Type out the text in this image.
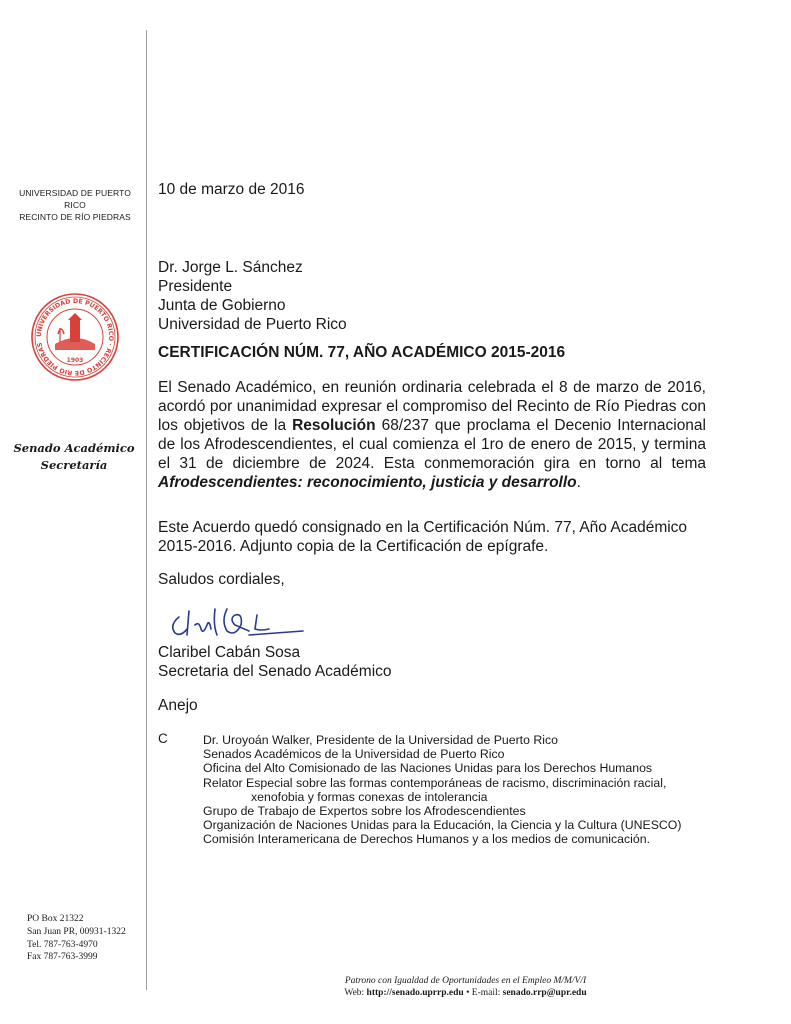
UNIVERSIDAD DE PUERTO RICO
RECINTO DE RÍO PIEDRAS
UNIVERSIDAD DE PUERTO RICO · RECINTO DE RIO PIEDRAS
1903
Senado Académico
Secretaría
PO Box 21322
San Juan PR, 00931-1322
Tel. 787-763-4970
Fax 787-763-3999
10 de marzo de 2016
Dr. Jorge L. Sánchez
Presidente
Junta de Gobierno
Universidad de Puerto Rico
CERTIFICACIÓN NÚM. 77, AÑO ACADÉMICO 2015-2016
El Senado Académico, en reunión ordinaria celebrada el 8 de marzo de 2016, acordó por unanimidad expresar el compromiso del Recinto de Río Piedras con los objetivos de la Resolución 68/237 que proclama el Decenio Internacional de los Afrodescendientes, el cual comienza el 1ro de enero de 2015, y termina el 31 de diciembre de 2024. Esta conmemoración gira en torno al tema Afrodescendientes: reconocimiento, justicia y desarrollo.
Este Acuerdo quedó consignado en la Certificación Núm. 77, Año Académico 2015-2016. Adjunto copia de la Certificación de epígrafe.
Saludos cordiales,
Claribel Cabán Sosa
Secretaria del Senado Académico
Anejo
C	Dr. Uroyoán Walker, Presidente de la Universidad de Puerto Rico
Senados Académicos de la Universidad de Puerto Rico
Oficina del Alto Comisionado de las Naciones Unidas para los Derechos Humanos
Relator Especial sobre las formas contemporáneas de racismo, discriminación racial,
xenofobia y formas conexas de intolerancia
Grupo de Trabajo de Expertos sobre los Afrodescendientes
Organización de Naciones Unidas para la Educación, la Ciencia y la Cultura (UNESCO)
Comisión Interamericana de Derechos Humanos y a los medios de comunicación.
Patrono con Igualdad de Oportunidades en el Empleo M/M/V/I
Web: http://senado.uprrp.edu • E-mail: senado.rrp@upr.edu
